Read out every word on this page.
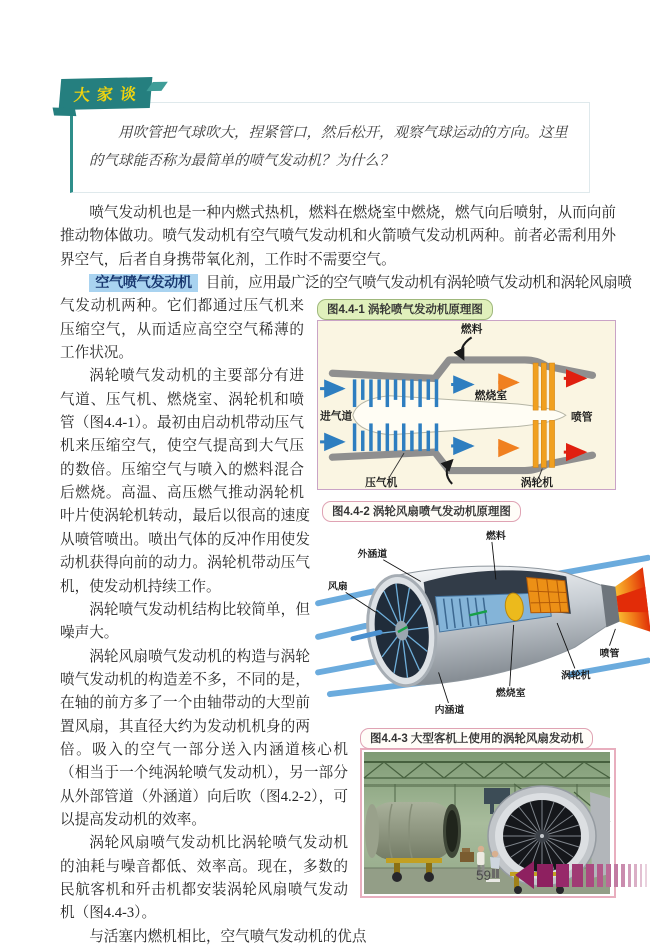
大家谈

用吹管把气球吹大，捏紧管口，然后松开，观察气球运动的方向。这里的气球能否称为最简单的喷气发动机？为什么？

喷气发动机也是一种内燃式热机，燃料在燃烧室中燃烧，燃气向后喷射，从而向前推动物体做功。喷气发动机有空气喷气发动机和火箭喷气发动机两种。前者必需利用外界空气，后者自身携带氧化剂，工作时不需要空气。

空气喷气发动机 目前，应用最广泛的空气喷气发动机有涡轮喷气发动机和涡轮风扇喷

图4.4-1 涡轮喷气发动机原理图
燃料
进气道
燃烧室
喷管
压气机	涡轮机
图4.4-2 涡轮风扇喷气发动机原理图
燃料
外涵道
风扇
喷管
涡轮机
燃烧室
内涵道
图4.4-3 大型客机上使用的涡轮风扇发动机

气发动机两种。它们都通过压气机来压缩空气，从而适应高空空气稀薄的工作状况。

涡轮喷气发动机的主要部分有进气道、压气机、燃烧室、涡轮机和喷管（图4.4-1）。最初由启动机带动压气机来压缩空气，使空气提高到大气压的数倍。压缩空气与喷入的燃料混合后燃烧。高温、高压燃气推动涡轮机叶片使涡轮机转动，最后以很高的速度从喷管喷出。喷出气体的反冲作用使发动机获得向前的动力。涡轮机带动压气机，使发动机持续工作。

涡轮喷气发动机结构比较简单，但噪声大。

涡轮风扇喷气发动机的构造与涡轮喷气发动机的构造差不多，不同的是，在轴的前方多了一个由轴带动的大型前置风扇，其直径大约为发动机机身的两倍。吸入的空气一部分送入内涵道核心机（相当于一个纯涡轮喷气发动机），另一部分从外部管道（外涵道）向后吹（图4.2-2），可以提高发动机的效率。

涡轮风扇喷气发动机比涡轮喷气发动机的油耗与噪音都低、效率高。现在，多数的民航客机和歼击机都安装涡轮风扇喷气发动机（图4.4-3）。

与活塞内燃机相比，空气喷气发动机的优点

59
